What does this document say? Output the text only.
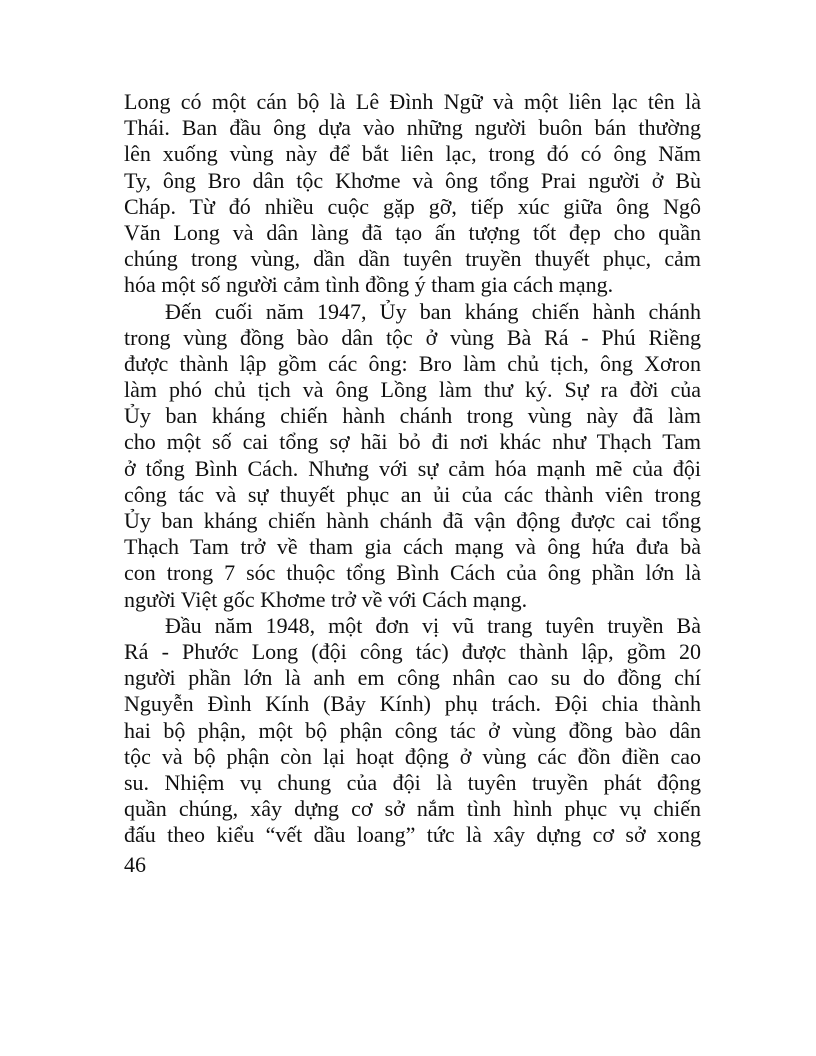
Long có một cán bộ là Lê Đình Ngữ và một liên lạc tên là
Thái. Ban đầu ông dựa vào những người buôn bán thường
lên xuống vùng này để bắt liên lạc, trong đó có ông Năm
Ty, ông Bro dân tộc Khơme và ông tổng Prai người ở Bù
Cháp. Từ đó nhiều cuộc gặp gỡ, tiếp xúc giữa ông Ngô
Văn Long và dân làng đã tạo ấn tượng tốt đẹp cho quần
chúng trong vùng, dần dần tuyên truyền thuyết phục, cảm
hóa một số người cảm tình đồng ý tham gia cách mạng.
Đến cuối năm 1947, Ủy ban kháng chiến hành chánh
trong vùng đồng bào dân tộc ở vùng Bà Rá - Phú Riềng
được thành lập gồm các ông: Bro làm chủ tịch, ông Xơron
làm phó chủ tịch và ông Lồng làm thư ký. Sự ra đời của
Ủy ban kháng chiến hành chánh trong vùng này đã làm
cho một số cai tổng sợ hãi bỏ đi nơi khác như Thạch Tam
ở tổng Bình Cách. Nhưng với sự cảm hóa mạnh mẽ của đội
công tác và sự thuyết phục an ủi của các thành viên trong
Ủy ban kháng chiến hành chánh đã vận động được cai tổng
Thạch Tam trở về tham gia cách mạng và ông hứa đưa bà
con trong 7 sóc thuộc tổng Bình Cách của ông phần lớn là
người Việt gốc Khơme trở về với Cách mạng.
Đầu năm 1948, một đơn vị vũ trang tuyên truyền Bà
Rá - Phước Long (đội công tác) được thành lập, gồm 20
người phần lớn là anh em công nhân cao su do đồng chí
Nguyễn Đình Kính (Bảy Kính) phụ trách. Đội chia thành
hai bộ phận, một bộ phận công tác ở vùng đồng bào dân
tộc và bộ phận còn lại hoạt động ở vùng các đồn điền cao
su. Nhiệm vụ chung của đội là tuyên truyền phát động
quần chúng, xây dựng cơ sở nắm tình hình phục vụ chiến
đấu theo kiểu “vết dầu loang” tức là xây dựng cơ sở xong
46
